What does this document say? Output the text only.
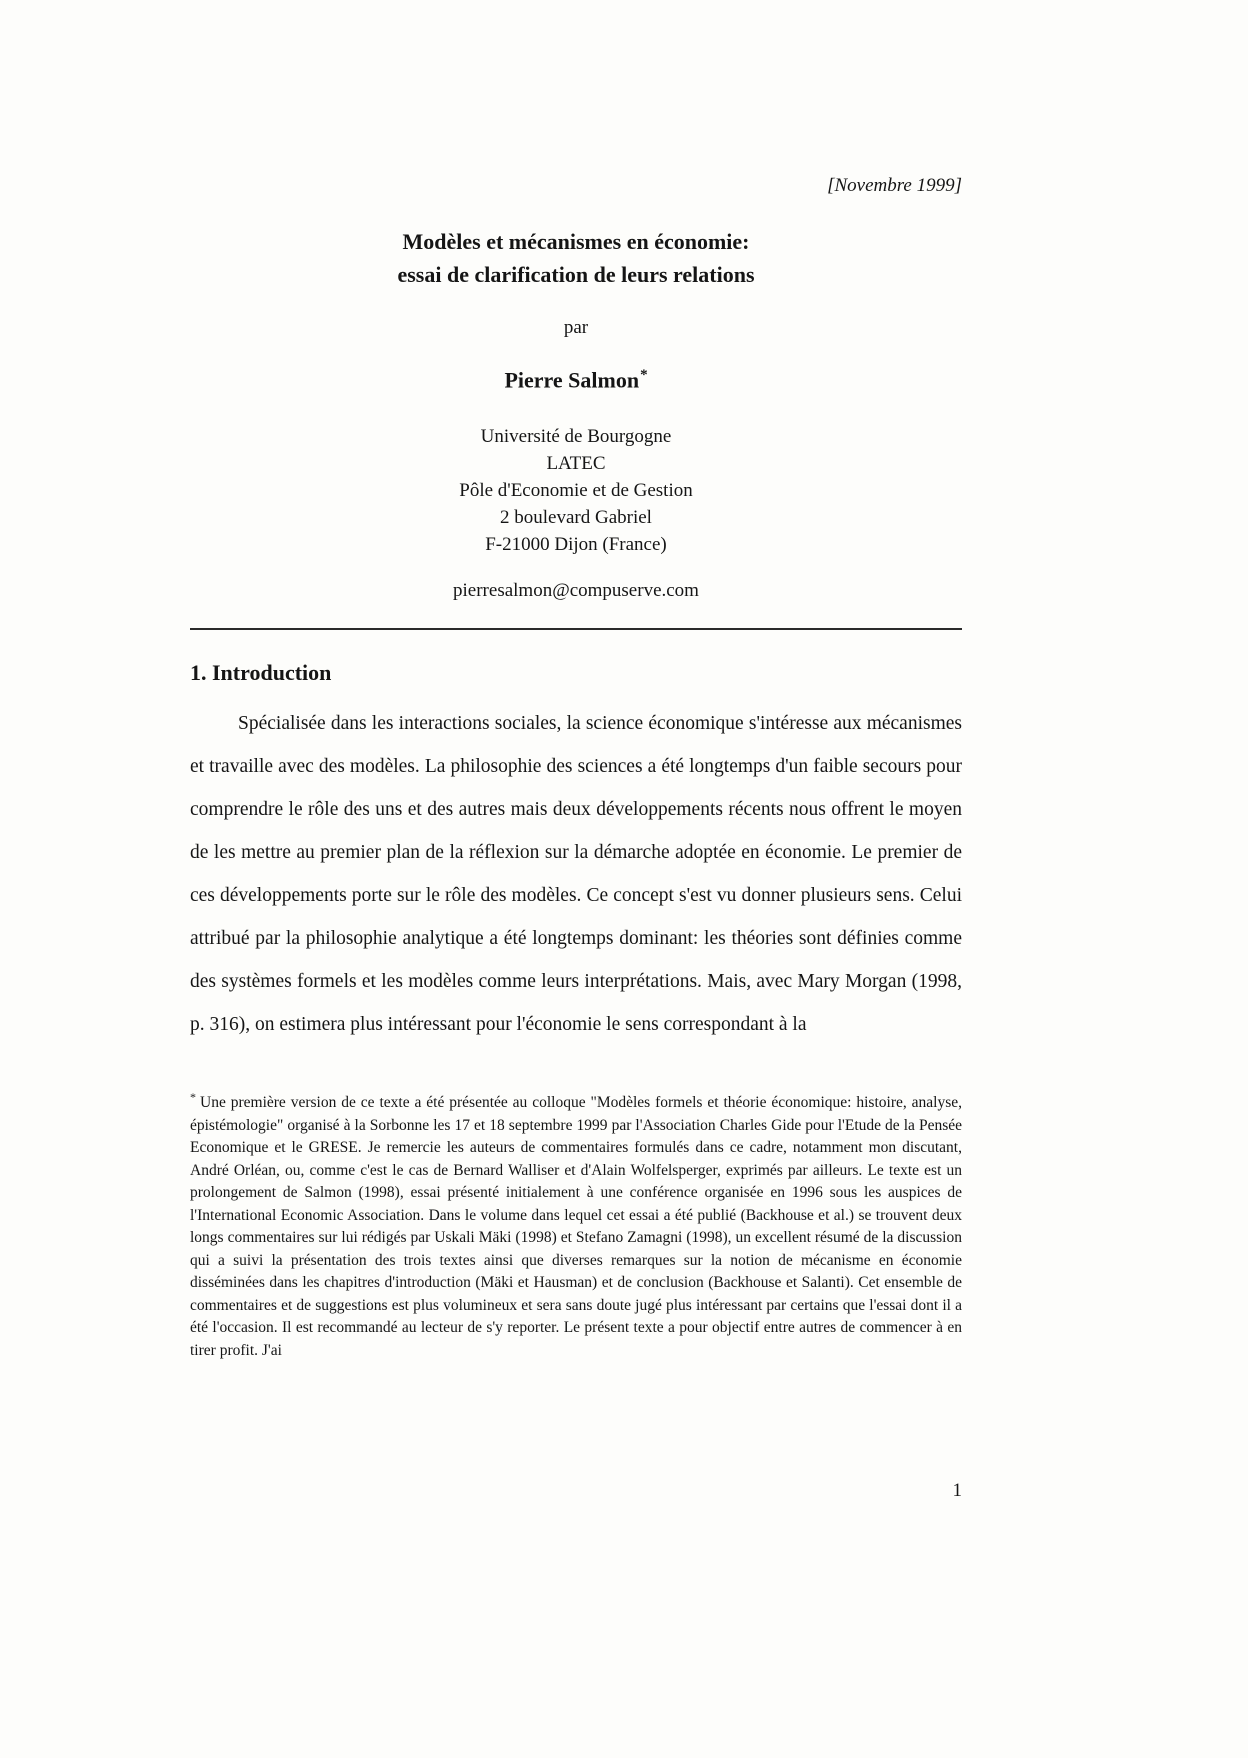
[Novembre 1999]
Modèles et mécanismes en économie:
essai de clarification de leurs relations
par
Pierre Salmon*
Université de Bourgogne
LATEC
Pôle d'Economie et de Gestion
2 boulevard Gabriel
F-21000 Dijon (France)
pierresalmon@compuserve.com
1. Introduction

Spécialisée dans les interactions sociales, la science économique s'intéresse aux mécanismes et travaille avec des modèles. La philosophie des sciences a été longtemps d'un faible secours pour comprendre le rôle des uns et des autres mais deux développements récents nous offrent le moyen de les mettre au premier plan de la réflexion sur la démarche adoptée en économie. Le premier de ces développements porte sur le rôle des modèles. Ce concept s'est vu donner plusieurs sens. Celui attribué par la philosophie analytique a été longtemps dominant: les théories sont définies comme des systèmes formels et les modèles comme leurs interprétations. Mais, avec Mary Morgan (1998, p. 316), on estimera plus intéressant pour l'économie le sens correspondant à la

* Une première version de ce texte a été présentée au colloque "Modèles formels et théorie économique: histoire, analyse, épistémologie" organisé à la Sorbonne les 17 et 18 septembre 1999 par l'Association Charles Gide pour l'Etude de la Pensée Economique et le GRESE. Je remercie les auteurs de commentaires formulés dans ce cadre, notamment mon discutant, André Orléan, ou, comme c'est le cas de Bernard Walliser et d'Alain Wolfelsperger, exprimés par ailleurs. Le texte est un prolongement de Salmon (1998), essai présenté initialement à une conférence organisée en 1996 sous les auspices de l'International Economic Association. Dans le volume dans lequel cet essai a été publié (Backhouse et al.) se trouvent deux longs commentaires sur lui rédigés par Uskali Mäki (1998) et Stefano Zamagni (1998), un excellent résumé de la discussion qui a suivi la présentation des trois textes ainsi que diverses remarques sur la notion de mécanisme en économie disséminées dans les chapitres d'introduction (Mäki et Hausman) et de conclusion (Backhouse et Salanti). Cet ensemble de commentaires et de suggestions est plus volumineux et sera sans doute jugé plus intéressant par certains que l'essai dont il a été l'occasion. Il est recommandé au lecteur de s'y reporter. Le présent texte a pour objectif entre autres de commencer à en tirer profit. J'ai
1
